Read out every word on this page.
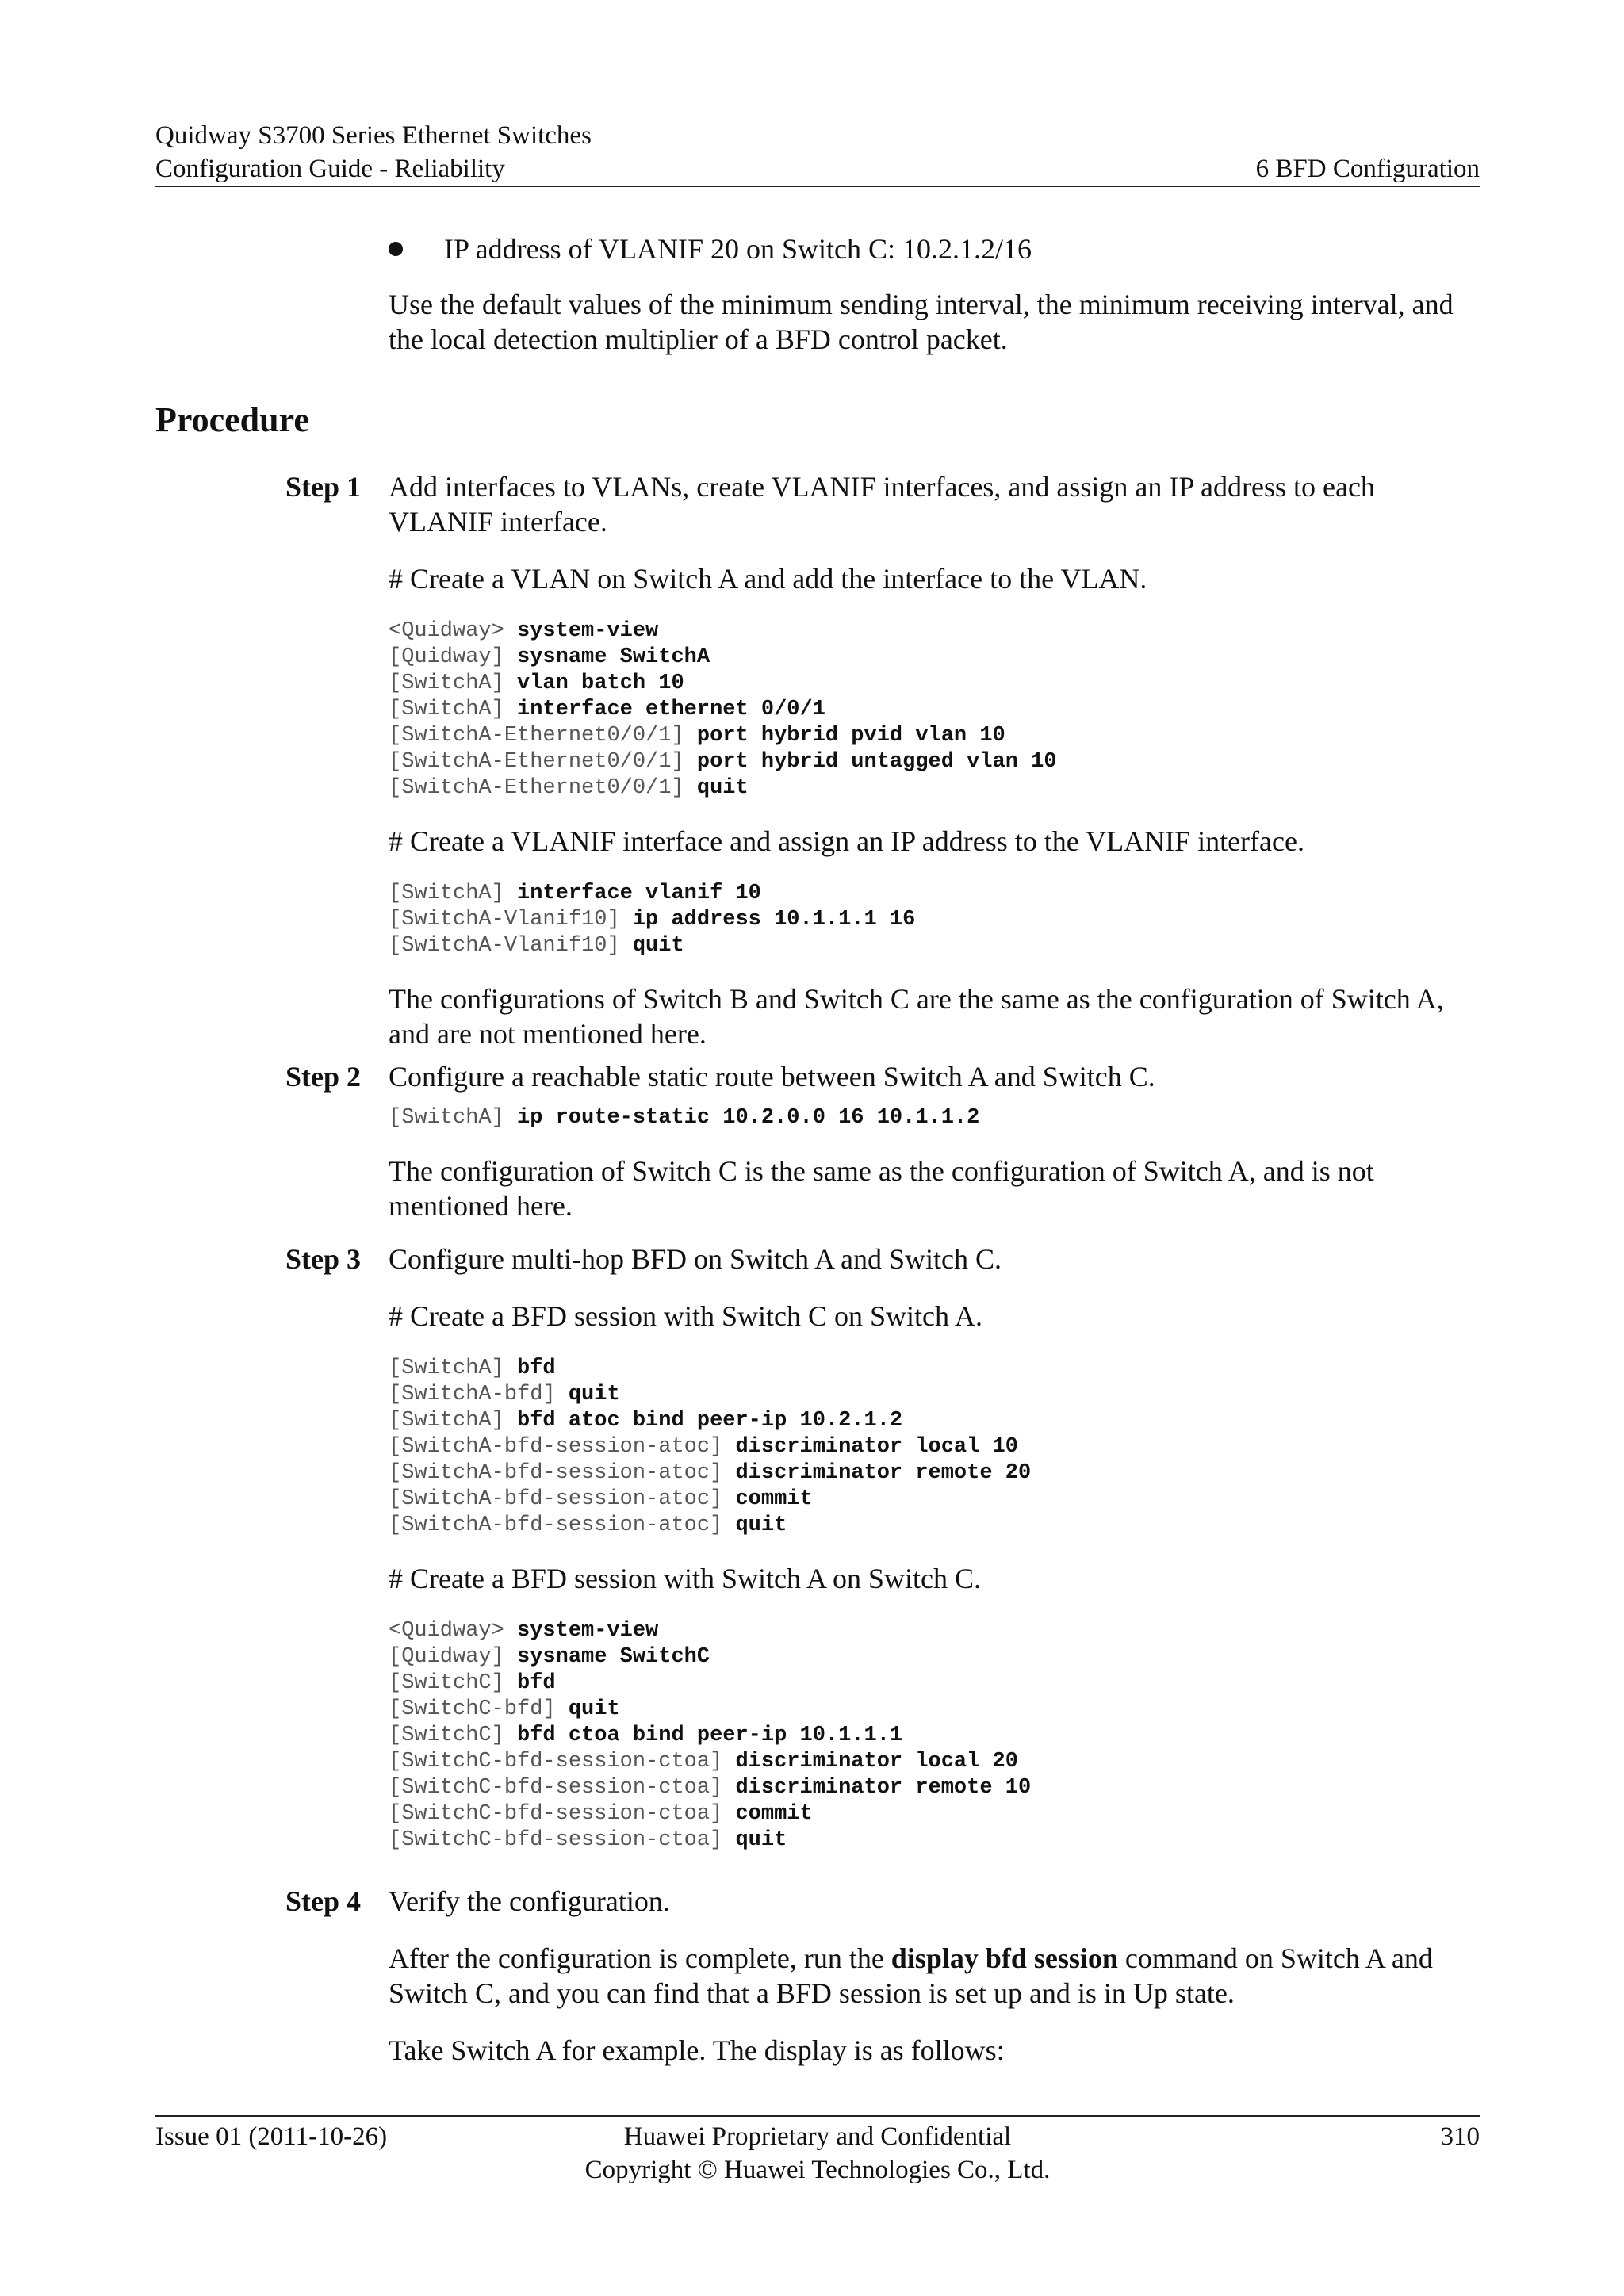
Quidway S3700 Series Ethernet Switches
Configuration Guide - Reliability	6 BFD Configuration

IP address of VLANIF 20 on Switch C: 10.2.1.2/16

Use the default values of the minimum sending interval, the minimum receiving interval, and the local detection multiplier of a BFD control packet.

Procedure
Step 1 Add interfaces to VLANs, create VLANIF interfaces, and assign an IP address to each VLANIF interface.

# Create a VLAN on Switch A and add the interface to the VLAN.

<Quidway> system-view
[Quidway] sysname SwitchA
[SwitchA] vlan batch 10
[SwitchA] interface ethernet 0/0/1
[SwitchA-Ethernet0/0/1] port hybrid pvid vlan 10
[SwitchA-Ethernet0/0/1] port hybrid untagged vlan 10
[SwitchA-Ethernet0/0/1] quit

# Create a VLANIF interface and assign an IP address to the VLANIF interface.

[SwitchA] interface vlanif 10
[SwitchA-Vlanif10] ip address 10.1.1.1 16
[SwitchA-Vlanif10] quit

The configurations of Switch B and Switch C are the same as the configuration of Switch A, and are not mentioned here.

Step 2 Configure a reachable static route between Switch A and Switch C.

[SwitchA] ip route-static 10.2.0.0 16 10.1.1.2

The configuration of Switch C is the same as the configuration of Switch A, and is not mentioned here.

Step 3 Configure multi-hop BFD on Switch A and Switch C.

# Create a BFD session with Switch C on Switch A.

[SwitchA] bfd
[SwitchA-bfd] quit
[SwitchA] bfd atoc bind peer-ip 10.2.1.2
[SwitchA-bfd-session-atoc] discriminator local 10
[SwitchA-bfd-session-atoc] discriminator remote 20
[SwitchA-bfd-session-atoc] commit
[SwitchA-bfd-session-atoc] quit

# Create a BFD session with Switch A on Switch C.

<Quidway> system-view
[Quidway] sysname SwitchC
[SwitchC] bfd
[SwitchC-bfd] quit
[SwitchC] bfd ctoa bind peer-ip 10.1.1.1
[SwitchC-bfd-session-ctoa] discriminator local 20
[SwitchC-bfd-session-ctoa] discriminator remote 10
[SwitchC-bfd-session-ctoa] commit
[SwitchC-bfd-session-ctoa] quit
Step 4 Verify the configuration.

After the configuration is complete, run the display bfd session command on Switch A and Switch C, and you can find that a BFD session is set up and is in Up state.

Take Switch A for example. The display is as follows:

Issue 01 (2011-10-26)	Huawei Proprietary and Confidential
Copyright © Huawei Technologies Co., Ltd.
310
